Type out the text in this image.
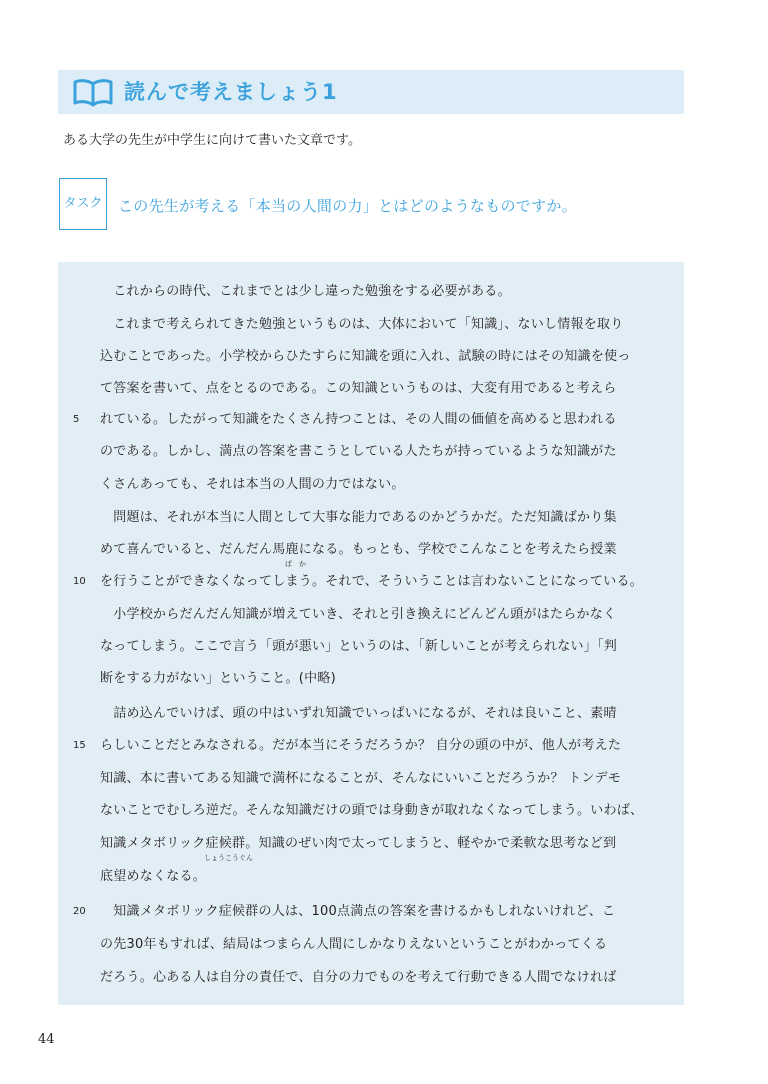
読んで考えましょう1
ある大学の先生が中学生に向けて書いた文章です。
タスク この先生が考える「本当の人間の力」とはどのようなものですか。
　これからの時代、これまでとは少し違った勉強をする必要がある。
　これまで考えられてきた勉強というものは、大体において「知識」、ないし情報を取り
込むことであった。小学校からひたすらに知識を頭に入れ、試験の時にはその知識を使っ
て答案を書いて、点をとるのである。この知識というものは、大変有用であると考えら
5 れている。したがって知識をたくさん持つことは、その人間の価値を高めると思われる
のである。しかし、満点の答案を書こうとしている人たちが持っているような知識がた
くさんあっても、それは本当の人間の力ではない。
　問題は、それが本当に人間として大事な能力であるのかどうかだ。ただ知識ばかり集
めて喜んでいると、だんだん馬鹿になる。もっとも、学校でこんなことを考えたら授業
ば　か
10 を行うことができなくなってしまう。それで、そういうことは言わないことになっている。
　小学校からだんだん知識が増えていき、それと引き換えにどんどん頭がはたらかなく
なってしまう。ここで言う「頭が悪い」というのは、「新しいことが考えられない」「判
断をする力がない」ということ。(中略)
　詰め込んでいけば、頭の中はいずれ知識でいっぱいになるが、それは良いこと、素晴
15 らしいことだとみなされる。だが本当にそうだろうか？ 自分の頭の中が、他人が考えた
知識、本に書いてある知識で満杯になることが、そんなにいいことだろうか？ トンデモ
ないことでむしろ逆だ。そんな知識だけの頭では身動きが取れなくなってしまう。いわば、
知識メタボリック症候群。知識のぜい肉で太ってしまうと、軽やかで柔軟な思考など到
しょうこうぐん
底望めなくなる。
20 　知識メタボリック症候群の人は、100点満点の答案を書けるかもしれないけれど、こ
の先30年もすれば、結局はつまらん人間にしかなりえないということがわかってくる
だろう。心ある人は自分の責任で、自分の力でものを考えて行動できる人間でなければ
44
